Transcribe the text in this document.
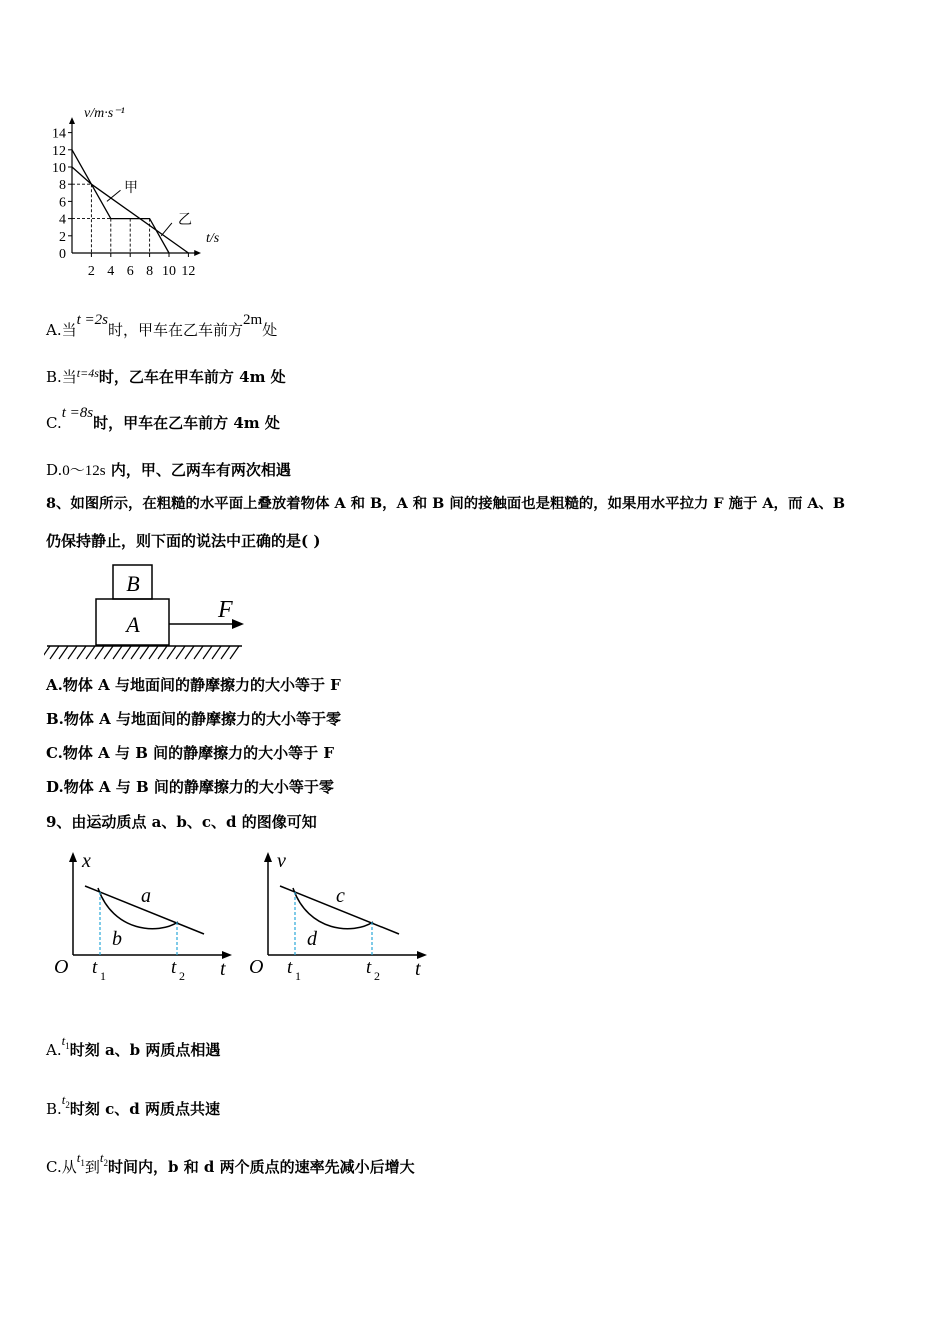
v/m·s⁻¹
t/s
14
12
10
8
6
4
2
0
2 4 6 8 10 12
甲
乙
A.当t =2s时，甲车在乙车前方2m处
B.当$^{t=4s}$时，乙车在甲车前方 4m 处
C.t =8s时，甲车在乙车前方 4m 处
D.0～12s 内，甲、乙两车有两次相遇
8、如图所示，在粗糙的水平面上叠放着物体 A 和 B，A 和 B 间的接触面也是粗糙的，如果用水平拉力 F 施于 A，而 A、B
仍保持静止，则下面的说法中正确的是( )
B
A
F
A.物体 A 与地面间的静摩擦力的大小等于 F
B.物体 A 与地面间的静摩擦力的大小等于零
C.物体 A 与 B 间的静摩擦力的大小等于 F
D.物体 A 与 B 间的静摩擦力的大小等于零
9、由运动质点 a、b、c、d 的图像可知
x
t
O
a
b
t 1	t 2
v
t
O
c
d
t 1	t 2
$A.t^1$时刻 a、b 两质点相遇
$B.t^2$时刻 c、d 两质点共速
C.从$t^1$到$t^2$时间内，b 和 d 两个质点的速率先减小后增大
